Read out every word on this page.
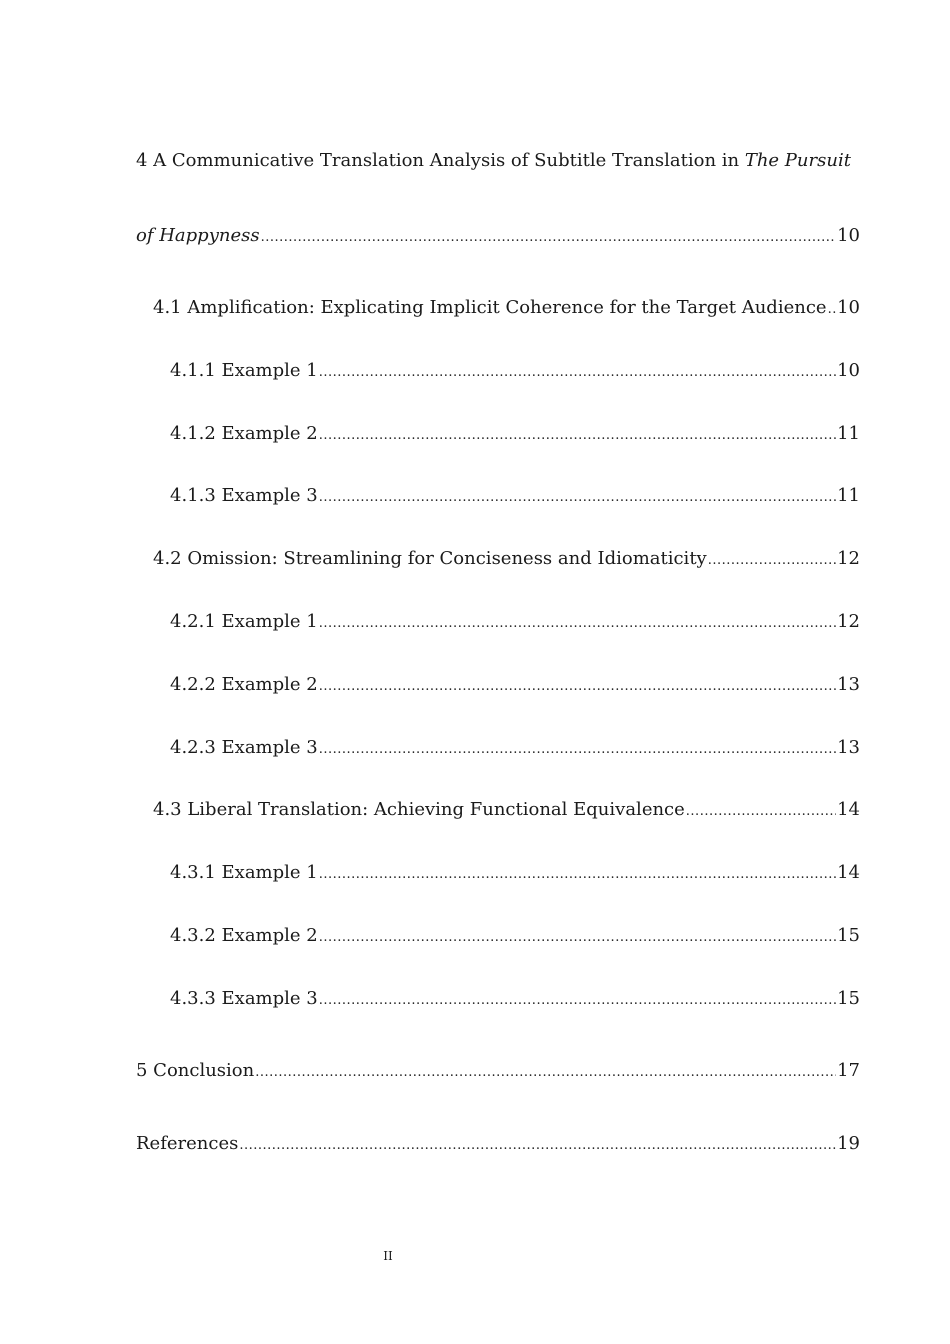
4 A Communicative Translation Analysis of Subtitle Translation in The Pursuit
of Happyness .....	10
4.1 Amplification: Explicating Implicit Coherence for the Target Audience ..... 10
4.1.1 Example 1 .....	10
4.1.2 Example 2 .....	11
4.1.3 Example 3 .....	11
4.2 Omission: Streamlining for Conciseness and Idiomaticity .....	12
4.2.1 Example 1 .....	12
4.2.2 Example 2 .....	13
4.2.3 Example 3 .....	13
4.3 Liberal Translation: Achieving Functional Equivalence .....	14
4.3.1 Example 1 .....	14
4.3.2 Example 2 .....	15
4.3.3 Example 3 .....	15
5 Conclusion .....	17
References .....	19
II
